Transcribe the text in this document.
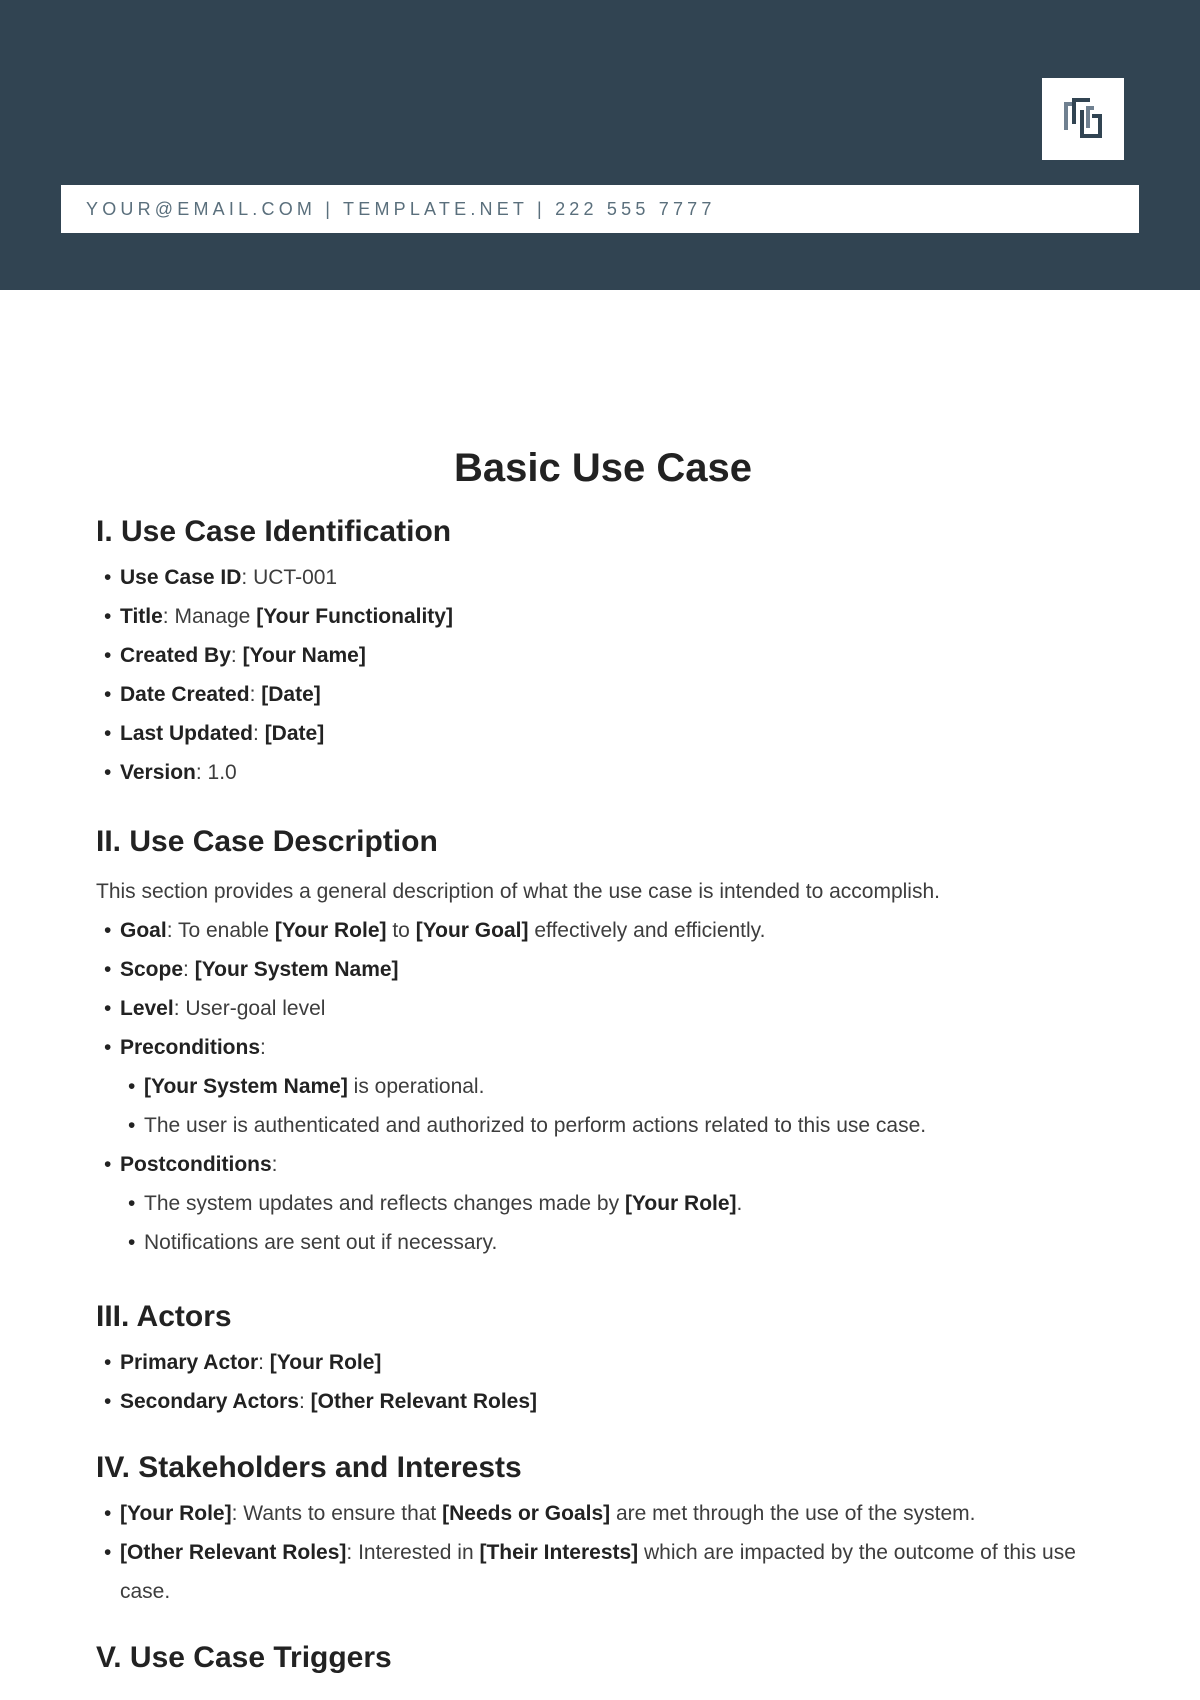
YOUR@EMAIL.COM | TEMPLATE.NET | 222 555 7777
Basic Use Case
I. Use Case Identification
• Use Case ID: UCT-001
• Title: Manage [Your Functionality]
• Created By: [Your Name]
• Date Created: [Date]
• Last Updated: [Date]
• Version: 1.0
II. Use Case Description

This section provides a general description of what the use case is intended to accomplish.

• Goal: To enable [Your Role] to [Your Goal] effectively and efficiently.
• Scope: [Your System Name]
• Level: User-goal level
• Preconditions:
• [Your System Name] is operational.
• The user is authenticated and authorized to perform actions related to this use case.
• Postconditions:
• The system updates and reflects changes made by [Your Role].
• Notifications are sent out if necessary.
III. Actors
• Primary Actor: [Your Role]
• Secondary Actors: [Other Relevant Roles]
IV. Stakeholders and Interests
• [Your Role]: Wants to ensure that [Needs or Goals] are met through the use of the system.
• [Other Relevant Roles]: Interested in [Their Interests] which are impacted by the outcome of this use case.
V. Use Case Triggers
